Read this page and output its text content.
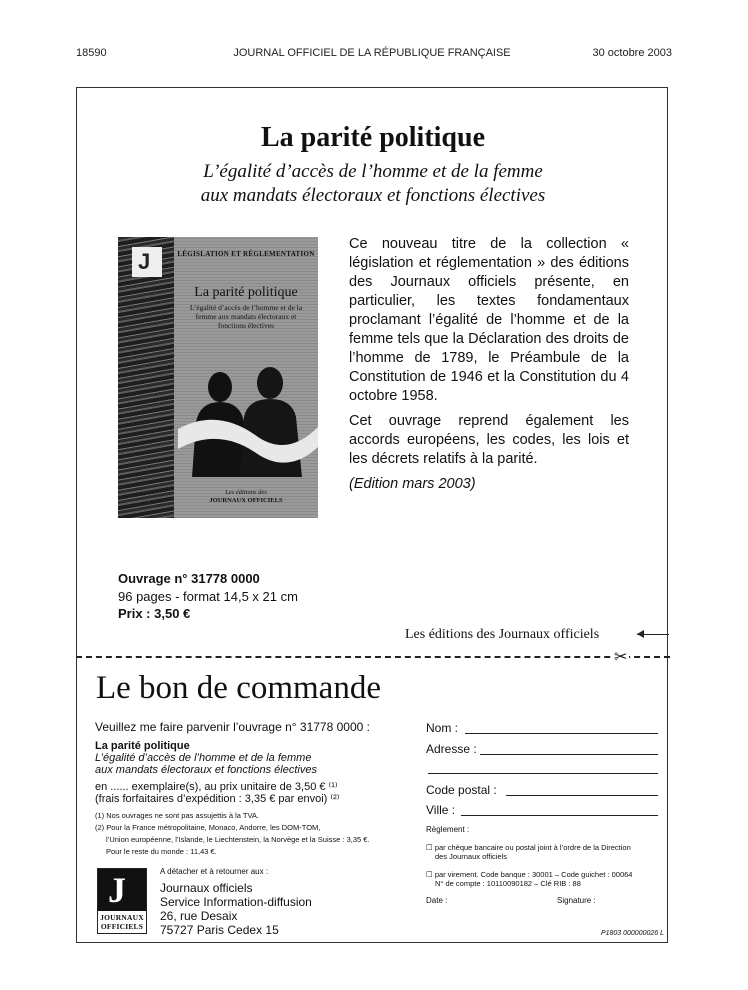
18590	JOURNAL OFFICIEL DE LA RÉPUBLIQUE FRANÇAISE	30 octobre 2003
La parité politique
L’égalité d’accès de l’homme et de la femme
aux mandats électoraux et fonctions électives
J	LÉGISLATION ET RÉGLEMENTATION
La parité politique
L’égalité d’accès de l’homme et de la femme aux mandats électoraux et fonctions électives
Les éditions des
JOURNAUX OFFICIELS

Ce nouveau titre de la collection « législation et réglementation » des éditions des Journaux officiels présente, en particulier, les textes fondamentaux proclamant l’égalité de l’homme et de la femme tels que la Déclaration des droits de l’homme de 1789, le Préambule de la Constitution de 1946 et la Constitution du 4 octobre 1958.

Cet ouvrage reprend également les accords européens, les codes, les lois et les décrets relatifs à la parité.

(Edition mars 2003)

Ouvrage n° 31778 0000
96 pages - format 14,5 x 21 cm
Prix : 3,50 €
Les éditions des Journaux officiels
✂
Le bon de commande
Veuillez me faire parvenir l’ouvrage n° 31778 0000 :
La parité politique
L’égalité d’accès de l’homme et de la femme
aux mandats électoraux et fonctions électives
en ...... exemplaire(s), au prix unitaire de 3,50 € ⁽¹⁾
(frais forfaitaires d’expédition : 3,35 € par envoi) ⁽²⁾
(1) Nos ouvrages ne sont pas assujettis à la TVA.
(2) Pour la France métropolitaine, Monaco, Andorre, les DOM-TOM,
l’Union européenne, l’Islande, le Liechtenstein, la Norvège et la Suisse : 3,35 €.
Pour le reste du monde : 11,43 €.
J
JOURNAUX
OFFICIELS
A détacher et à retourner aux :
Journaux officiels
Service Information-diffusion
26, rue Desaix
75727 Paris Cedex 15
Nom :
Adresse :
Code postal :
Ville :
Règlement :
☐ par chèque bancaire ou postal joint à l’ordre de la Direction
des Journaux officiels
☐ par virement. Code banque : 30001 – Code guichet : 00064
N° de compte : 10110090182 – Clé RIB : 88
Date :	Signature :
P1803 000000026 L
